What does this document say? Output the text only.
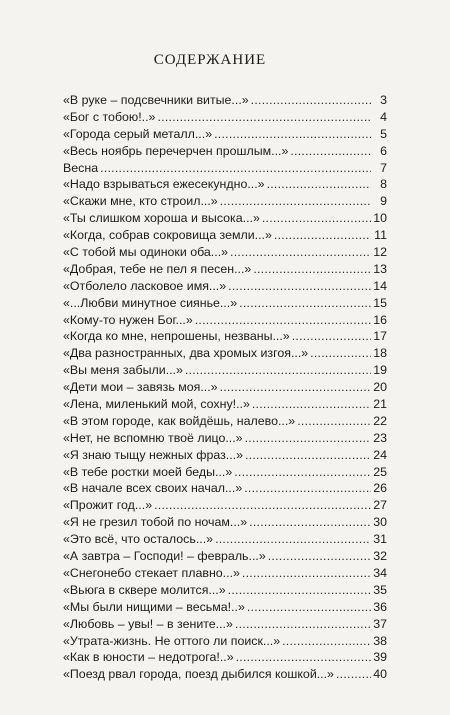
СОДЕРЖАНИЕ
«В руке – подсвечники витые...» . . .	3
«Бог с тобою!..» . . .	4
«Города серый металл...» . . .	5
«Весь ноябрь перечерчен прошлым...» . . .	6
Весна . . .	7
«Надо взрываться ежесекундно...» . . .	8
«Скажи мне, кто строил...» . . .	9
«Ты слишком хороша и высока...» . . .	10
«Когда, собрав сокровища земли...» . . .	11
«С тобой мы одиноки оба...» . . .	12
«Добрая, тебе не пел я песен...» . . .	13
«Отболело ласковое имя...» . . .	14
«...Любви минутное сиянье...» . . .	15
«Кому-то нужен Бог...» . . .	16
«Когда ко мне, непрошены, незваны...» . . .	17
«Два разностранных, два хромых изгоя...» . . .	18
«Вы меня забыли...» . . .	19
«Дети мои – завязь моя...» . . .	20
«Лена, миленький мой, сохну!..» . . .	21
«В этом городе, как войдёшь, налево...» . . .	22
«Нет, не вспомню твоё лицо...» . . .	23
«Я знаю тыщу нежных фраз...» . . .	24
«В тебе ростки моей беды...» . . .	25
«В начале всех своих начал...» . . .	26
«Прожит год...» . . .	27
«Я не грезил тобой по ночам...» . . .	30
«Это всё, что осталось...» . . .	31
«А завтра – Господи! – февраль...» . . .	32
«Снегонебо стекает плавно...» . . .	34
«Вьюга в сквере молится...» . . .	35
«Мы были нищими – весьма!..» . . .	36
«Любовь – увы! – в зените...» . . .	37
«Утрата-жизнь. Не оттого ли поиск...» . . .	38
«Как в юности – недотрога!..» . . .	39
«Поезд рвал города, поезд дыбился кошкой...» . . .	40
